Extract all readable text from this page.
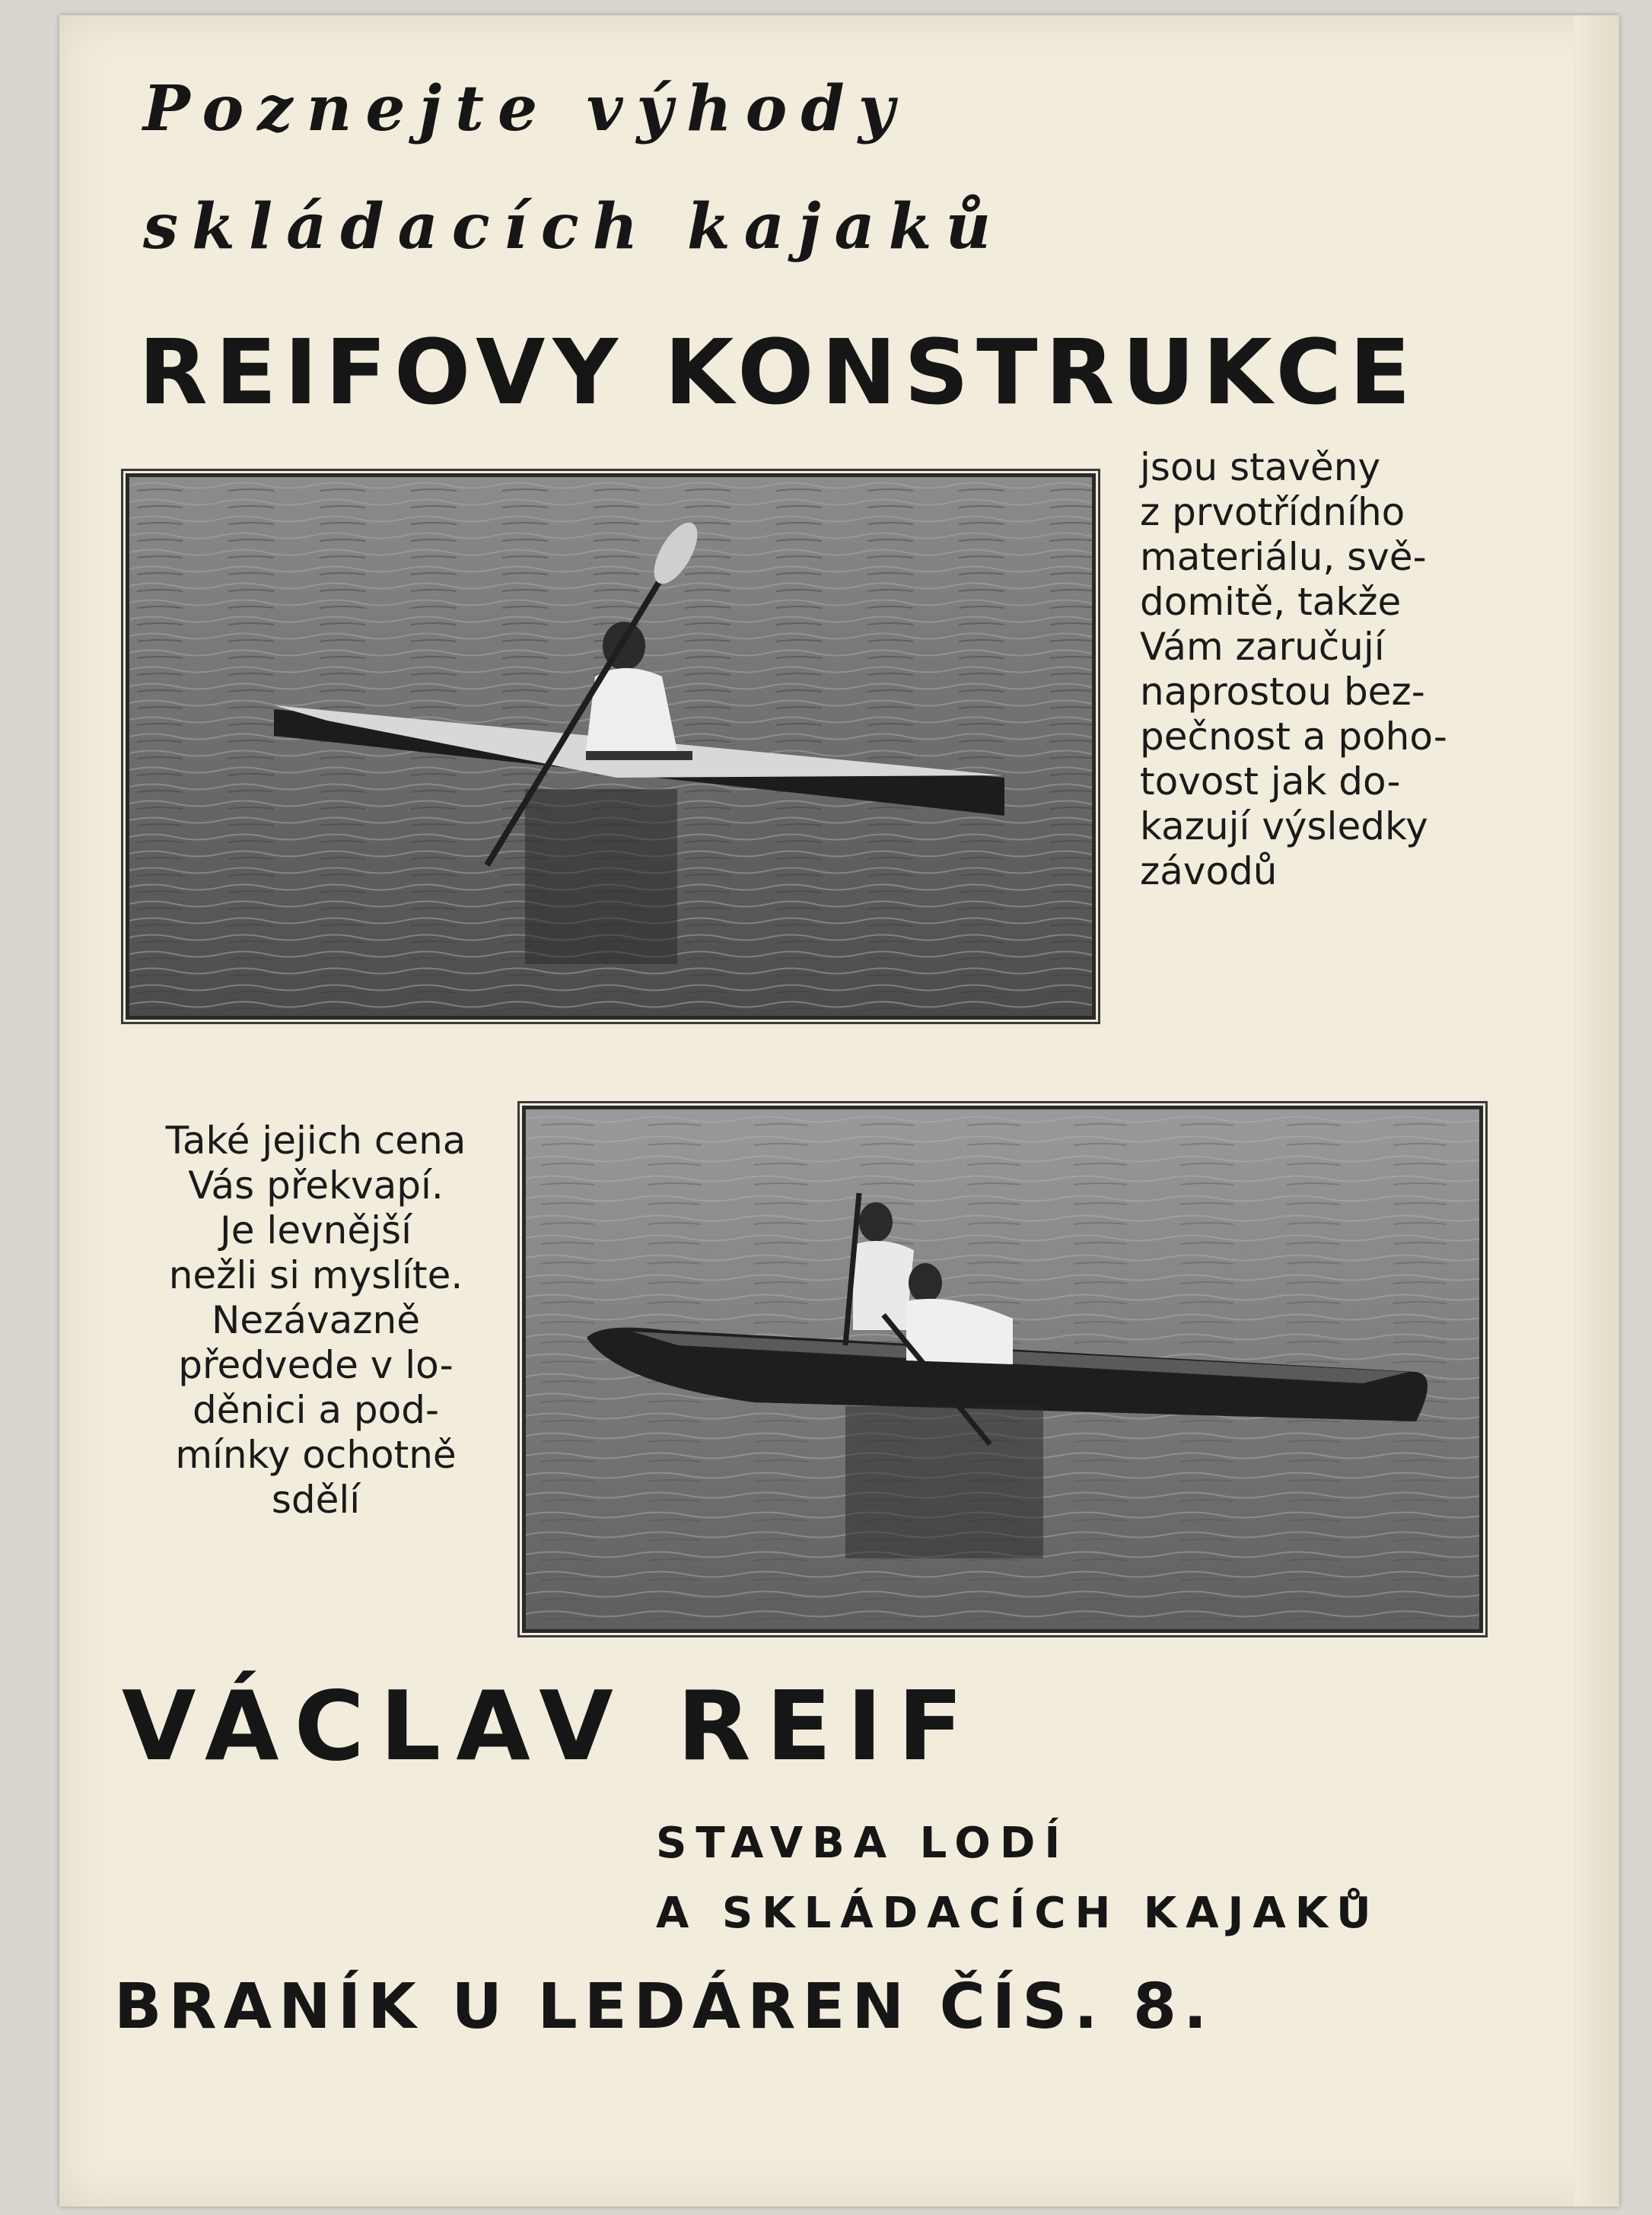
Poznejte výhody

skládacích kajaků

REIFOVY KONSTRUKCE

jsou stavěny
z prvotřídního
materiálu, svě-
domitě, takže
Vám zaručují
naprostou bez-
pečnost a poho-
tovost jak do-
kazují výsledky
závodů

Také jejich cena
Vás překvapí.
Je levnější
nežli si myslíte.
Nezávazně
předvede v lo-
děnici a pod-
mínky ochotně
sdělí

VÁCLAV REIF

STAVBA LODÍ

A SKLÁDACÍCH KAJAKŮ

BRANÍK U LEDÁREN ČÍS. 8.
